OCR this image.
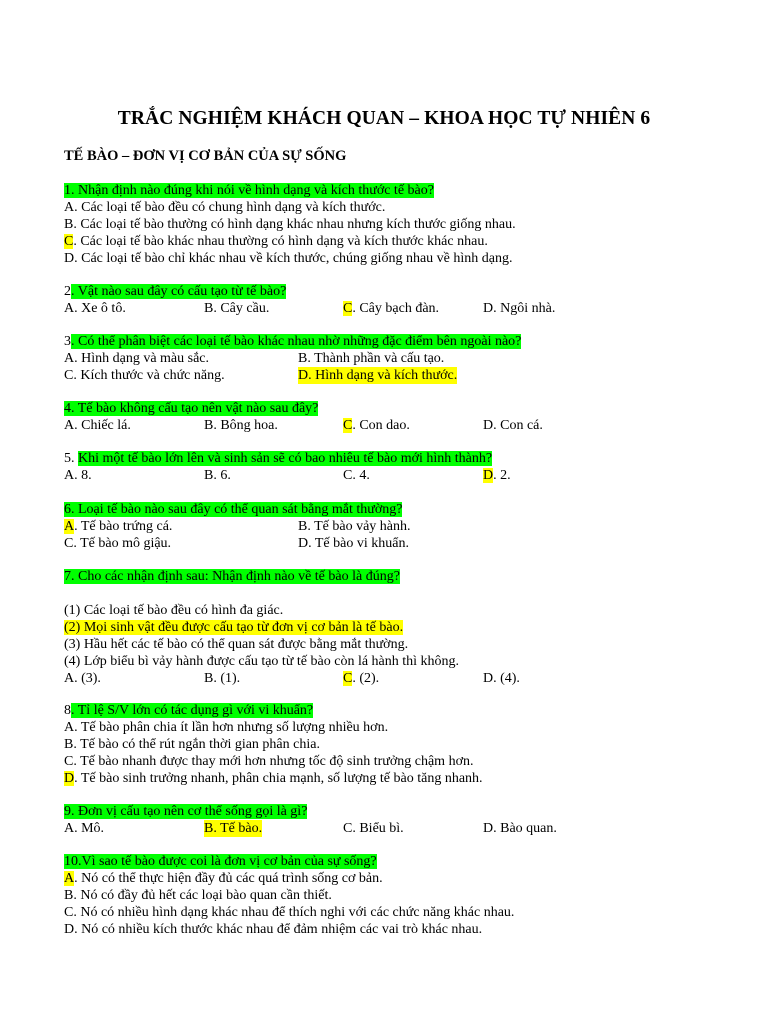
TRẮC NGHIỆM KHÁCH QUAN – KHOA HỌC TỰ NHIÊN 6
TẾ BÀO – ĐƠN VỊ CƠ BẢN CỦA SỰ SỐNG
1. Nhận định nào đúng khi nói về hình dạng và kích thước tế bào?
A. Các loại tế bào đều có chung hình dạng và kích thước.
B. Các loại tế bào thường có hình dạng khác nhau nhưng kích thước giống nhau.
C. Các loại tế bào khác nhau thường có hình dạng và kích thước khác nhau.
D. Các loại tế bào chỉ khác nhau về kích thước, chúng giống nhau về hình dạng.
2. Vật nào sau đây có cấu tạo từ tế bào?
A. Xe ô tô.	B. Cây cầu.	C. Cây bạch đàn.	D. Ngôi nhà.
3. Có thể phân biệt các loại tế bào khác nhau nhờ những đặc điểm bên ngoài nào?
A. Hình dạng và màu sắc.	B. Thành phần và cấu tạo.
C. Kích thước và chức năng.	D. Hình dạng và kích thước.
4. Tế bào không cấu tạo nên vật nào sau đây?
A. Chiếc lá.	B. Bông hoa.	C. Con dao.	D. Con cá.
5. Khi một tế bào lớn lên và sinh sản sẽ có bao nhiêu tế bào mới hình thành?
A. 8.	B. 6.	C. 4.	D. 2.
6. Loại tế bào nào sau đây có thể quan sát bằng mắt thường?
A. Tế bào trứng cá.	B. Tế bào vảy hành.
C. Tế bào mô giậu.	D. Tế bào vi khuẩn.
7. Cho các nhận định sau: Nhận định nào về tế bào là đúng?
(1) Các loại tế bào đều có hình đa giác.
(2) Mọi sinh vật đều được cấu tạo từ đơn vị cơ bản là tế bào.
(3) Hầu hết các tế bào có thể quan sát được bằng mắt thường.
(4) Lớp biểu bì vảy hành được cấu tạo từ tế bào còn lá hành thì không.
A. (3).	B. (1).	C. (2).	D. (4).
8. Tỉ lệ S/V lớn có tác dụng gì với vi khuẩn?
A. Tế bào phân chia ít lần hơn nhưng số lượng nhiều hơn.
B. Tế bào có thể rút ngắn thời gian phân chia.
C. Tế bào nhanh được thay mới hơn nhưng tốc độ sinh trưởng chậm hơn.
D. Tế bào sinh trưởng nhanh, phân chia mạnh, số lượng tế bào tăng nhanh.
9. Đơn vị cấu tạo nên cơ thể sống gọi là gì?
A. Mô.	B. Tế bào.	C. Biểu bì.	D. Bào quan.
10.Vì sao tế bào được coi là đơn vị cơ bản của sự sống?
A. Nó có thể thực hiện đầy đủ các quá trình sống cơ bản.
B. Nó có đầy đủ hết các loại bào quan cần thiết.
C. Nó có nhiều hình dạng khác nhau để thích nghi với các chức năng khác nhau.
D. Nó có nhiều kích thước khác nhau để đảm nhiệm các vai trò khác nhau.
